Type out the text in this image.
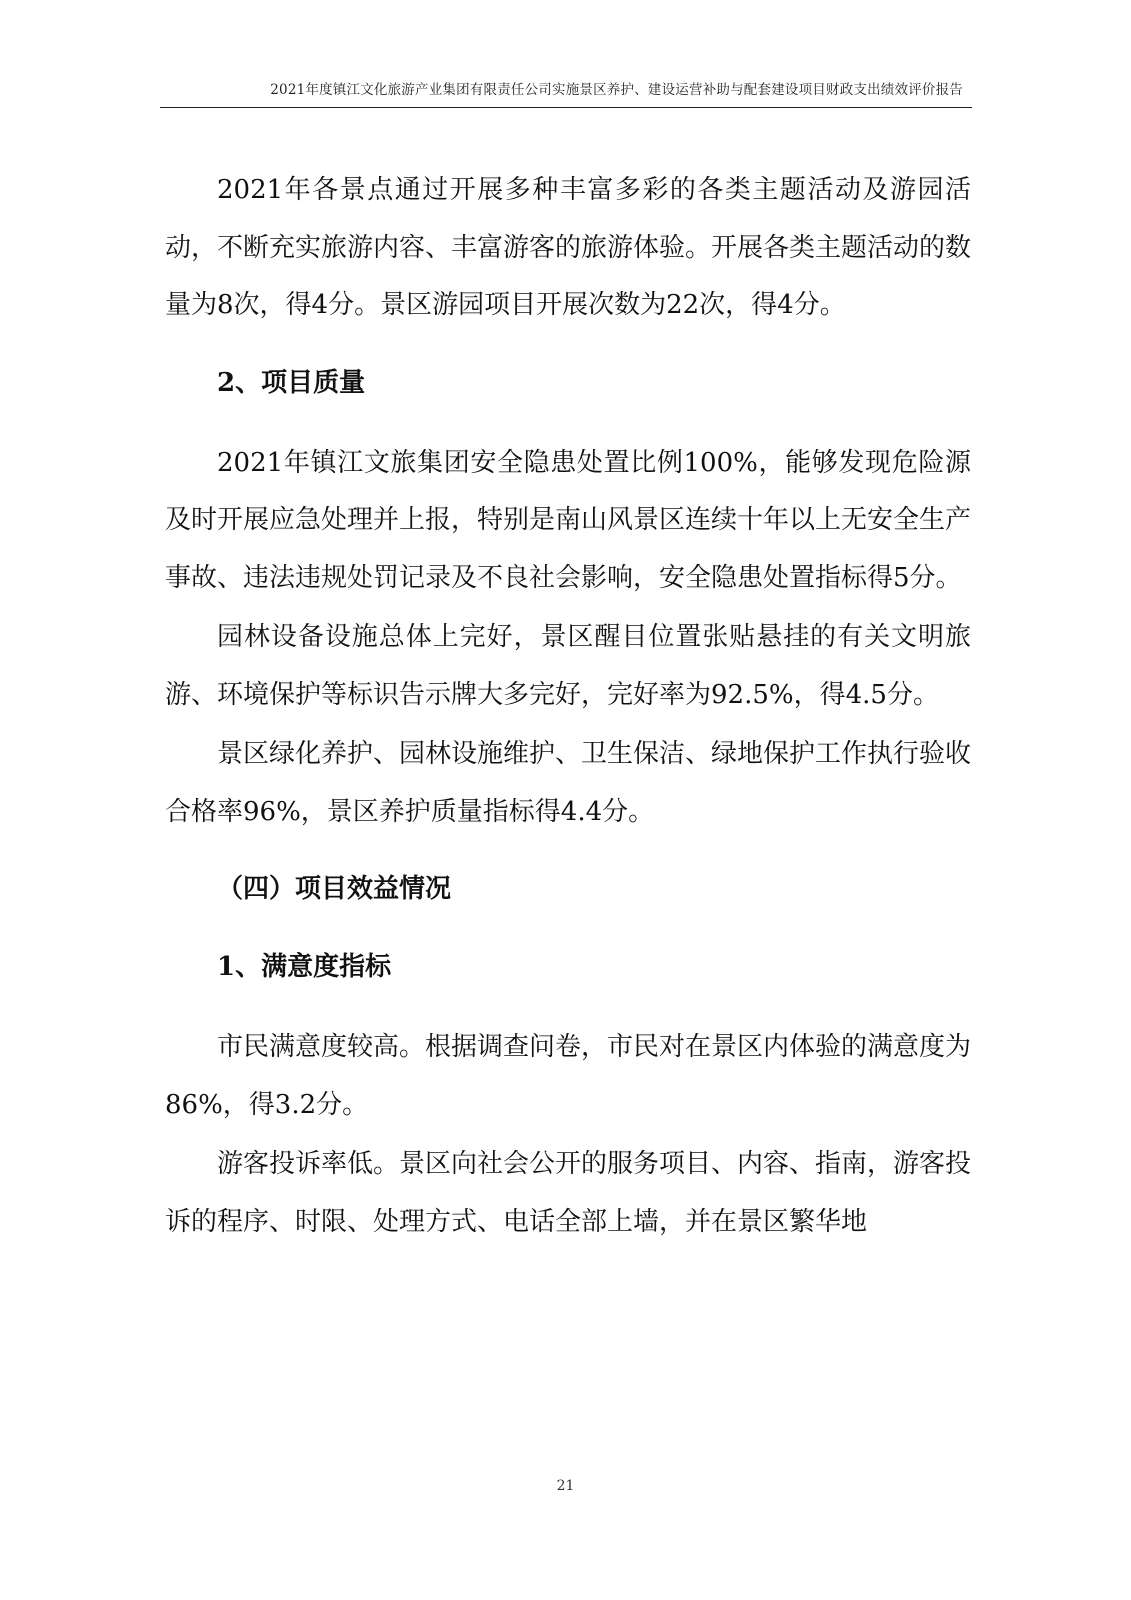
2021年度镇江文化旅游产业集团有限责任公司实施景区养护、建设运营补助与配套建设项目财政支出绩效评价报告

2021年各景点通过开展多种丰富多彩的各类主题活动及游园活动，不断充实旅游内容、丰富游客的旅游体验。开展各类主题活动的数量为8次，得4分。景区游园项目开展次数为22次，得4分。

2、项目质量

2021年镇江文旅集团安全隐患处置比例100%，能够发现危险源及时开展应急处理并上报，特别是南山风景区连续十年以上无安全生产事故、违法违规处罚记录及不良社会影响，安全隐患处置指标得5分。

园林设备设施总体上完好，景区醒目位置张贴悬挂的有关文明旅游、环境保护等标识告示牌大多完好，完好率为92.5%，得4.5分。

景区绿化养护、园林设施维护、卫生保洁、绿地保护工作执行验收合格率96%，景区养护质量指标得4.4分。

（四）项目效益情况
1、满意度指标

市民满意度较高。根据调查问卷，市民对在景区内体验的满意度为86%，得3.2分。

游客投诉率低。景区向社会公开的服务项目、内容、指南，游客投诉的程序、时限、处理方式、电话全部上墙，并在景区繁华地

21
